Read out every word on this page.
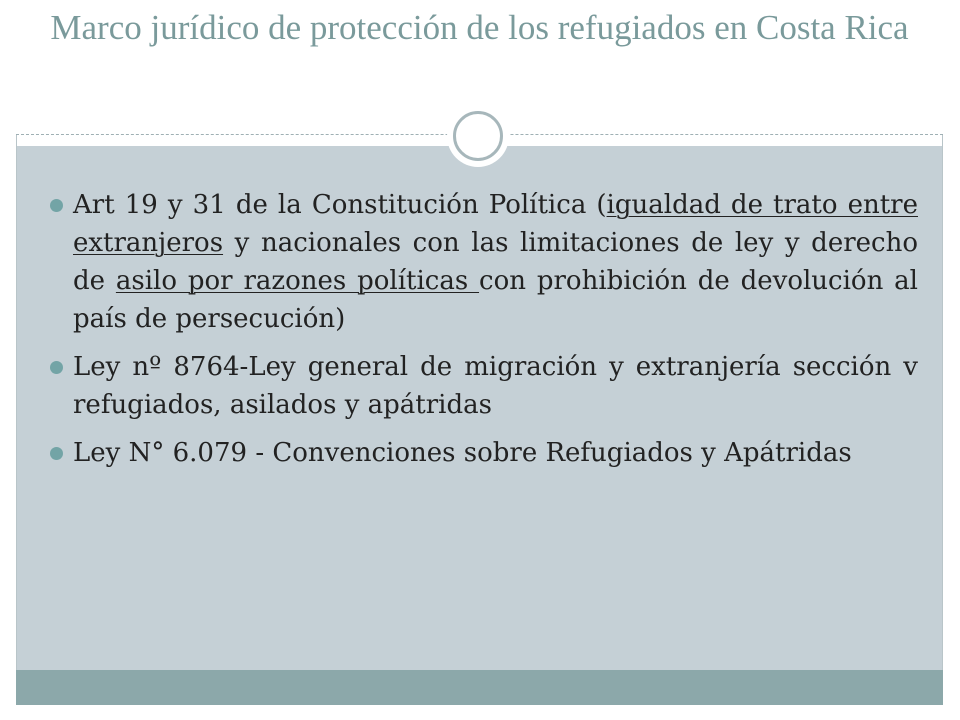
Marco jurídico de protección de los refugiados en Costa Rica
Art 19 y 31 de la Constitución Política (igualdad de trato entre extranjeros y nacionales con las limitaciones de ley y derecho de asilo por razones políticas con prohibición de devolución al país de persecución)
Ley nº 8764-Ley general de migración y extranjería sección v refugiados, asilados y apátridas
Ley N° 6.079 - Convenciones sobre Refugiados y Apátridas
